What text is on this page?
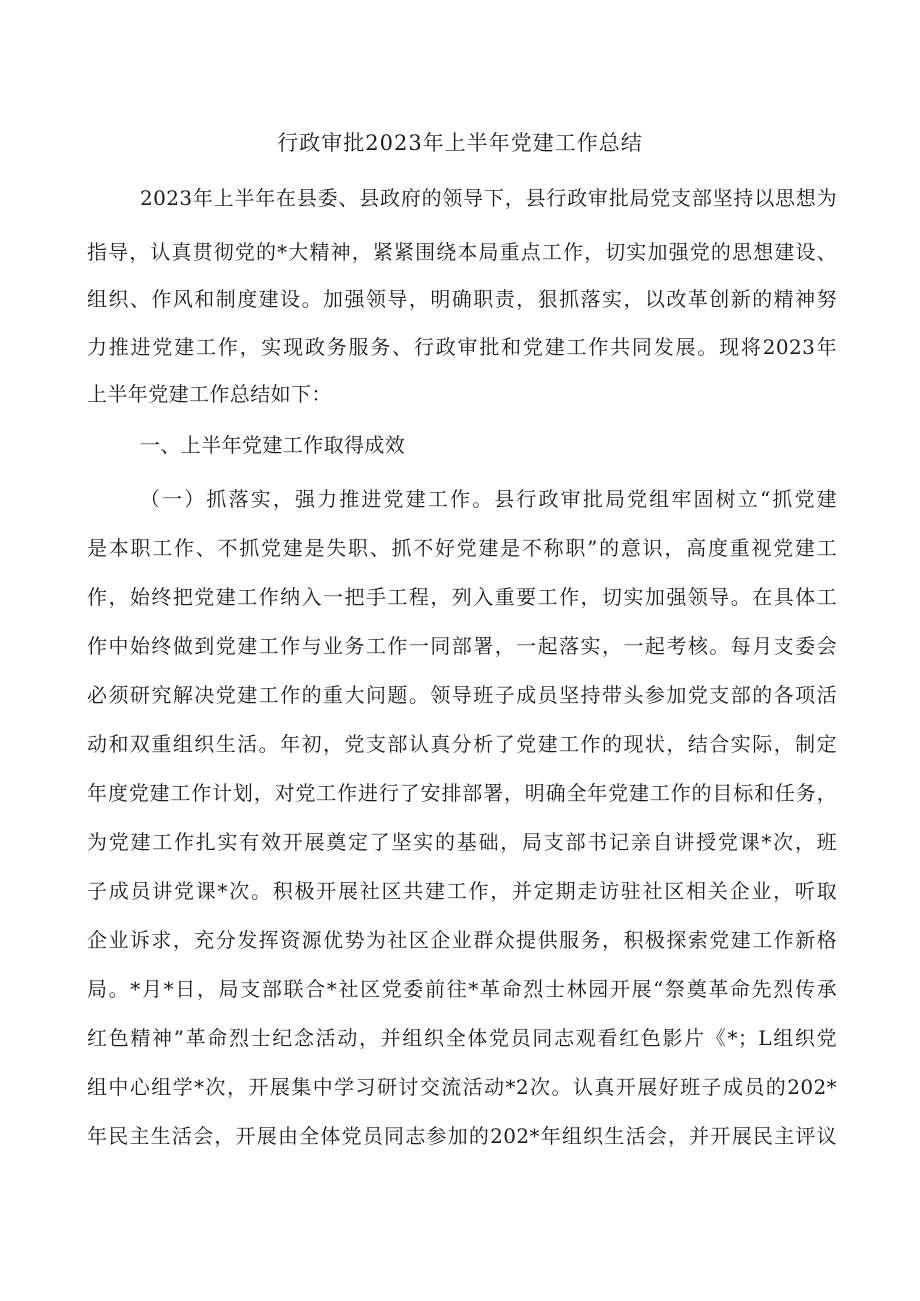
行政审批2023年上半年党建工作总结
2023年上半年在县委、县政府的领导下，县行政审批局党支部坚持以思想为
指导，认真贯彻党的*大精神，紧紧围绕本局重点工作，切实加强党的思想建设、
组织、作风和制度建设。加强领导，明确职责，狠抓落实，以改革创新的精神努
力推进党建工作，实现政务服务、行政审批和党建工作共同发展。现将2023年
上半年党建工作总结如下：
一、上半年党建工作取得成效
（一）抓落实，强力推进党建工作。县行政审批局党组牢固树立“抓党建
是本职工作、不抓党建是失职、抓不好党建是不称职”的意识，高度重视党建工
作，始终把党建工作纳入一把手工程，列入重要工作，切实加强领导。在具体工
作中始终做到党建工作与业务工作一同部署，一起落实，一起考核。每月支委会
必须研究解决党建工作的重大问题。领导班子成员坚持带头参加党支部的各项活
动和双重组织生活。年初，党支部认真分析了党建工作的现状，结合实际，制定
年度党建工作计划，对党工作进行了安排部署，明确全年党建工作的目标和任务，
为党建工作扎实有效开展奠定了坚实的基础，局支部书记亲自讲授党课*次，班
子成员讲党课*次。积极开展社区共建工作，并定期走访驻社区相关企业，听取
企业诉求，充分发挥资源优势为社区企业群众提供服务，积极探索党建工作新格
局。*月*日，局支部联合*社区党委前往*革命烈士林园开展“祭奠革命先烈传承
红色精神”革命烈士纪念活动，并组织全体党员同志观看红色影片《*；L组织党
组中心组学*次，开展集中学习研讨交流活动*2次。认真开展好班子成员的202*
年民主生活会，开展由全体党员同志参加的202*年组织生活会，并开展民主评议
